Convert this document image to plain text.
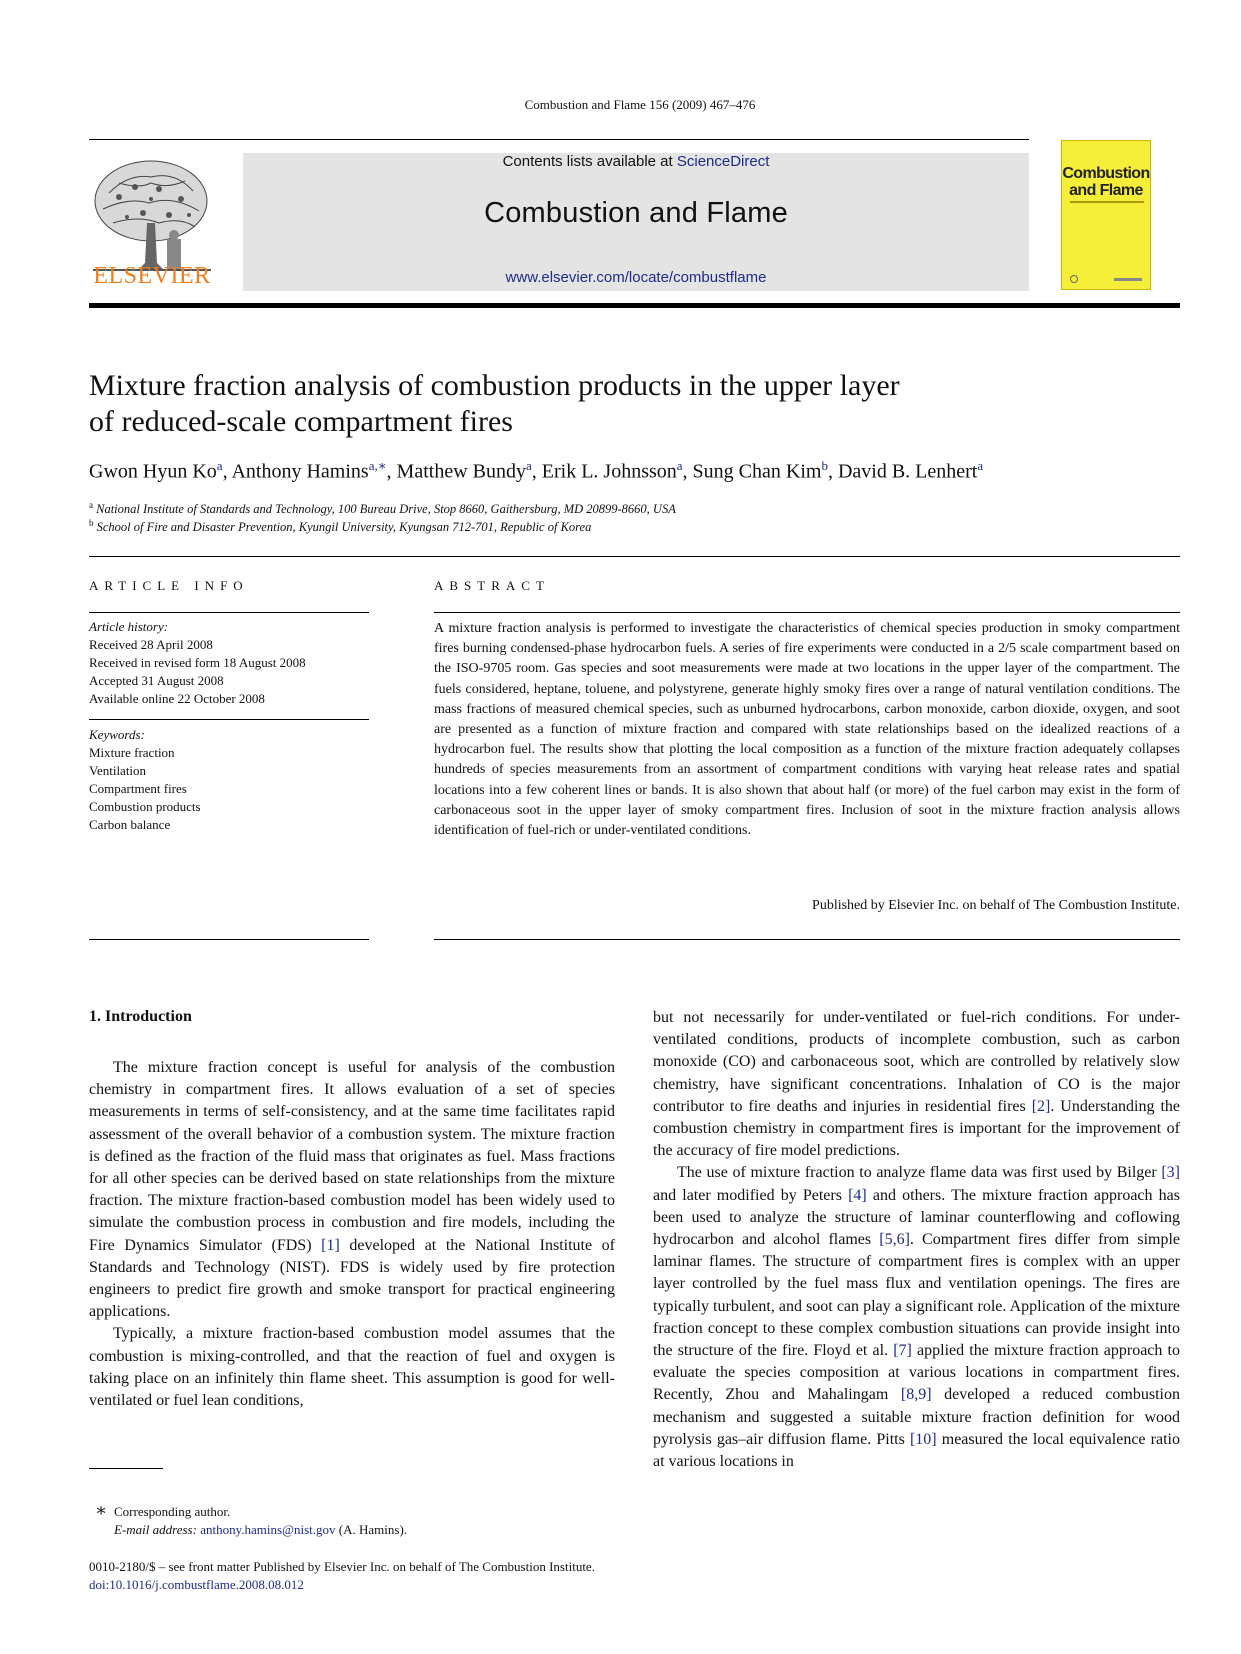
Combustion and Flame 156 (2009) 467–476
ELSEVIER
Contents lists available at ScienceDirect
Combustion and Flame
www.elsevier.com/locate/combustflame
Combustion
and Flame
Mixture fraction analysis of combustion products in the upper layer
of reduced-scale compartment fires
Gwon Hyun Ko$^a$, Anthony Hamins$^{a,∗}$, Matthew Bundy$^a$, Erik L. Johnsson$^a$, Sung Chan Kim$^b$, David B. Lenhert$^a$
$^a$ National Institute of Standards and Technology, 100 Bureau Drive, Stop 8660, Gaithersburg, MD 20899-8660, USA
$^b$ School of Fire and Disaster Prevention, Kyungil University, Kyungsan 712-701, Republic of Korea
ARTICLE INFO	ABSTRACT
Article history:
Received 28 April 2008
Received in revised form 18 August 2008
Accepted 31 August 2008
Available online 22 October 2008
Keywords:
Mixture fraction
Ventilation
Compartment fires
Combustion products
Carbon balance
A mixture fraction analysis is performed to investigate the characteristics of chemical species production in smoky compartment fires burning condensed-phase hydrocarbon fuels. A series of fire experiments were conducted in a 2/5 scale compartment based on the ISO-9705 room. Gas species and soot measurements were made at two locations in the upper layer of the compartment. The fuels considered, heptane, toluene, and polystyrene, generate highly smoky fires over a range of natural ventilation conditions. The mass fractions of measured chemical species, such as unburned hydrocarbons, carbon monoxide, carbon dioxide, oxygen, and soot are presented as a function of mixture fraction and compared with state relationships based on the idealized reactions of a hydrocarbon fuel. The results show that plotting the local composition as a function of the mixture fraction adequately collapses hundreds of species measurements from an assortment of compartment conditions with varying heat release rates and spatial locations into a few coherent lines or bands. It is also shown that about half (or more) of the fuel carbon may exist in the form of carbonaceous soot in the upper layer of smoky compartment fires. Inclusion of soot in the mixture fraction analysis allows identification of fuel-rich or under-ventilated conditions.
Published by Elsevier Inc. on behalf of The Combustion Institute.
1. Introduction

The mixture fraction concept is useful for analysis of the combustion chemistry in compartment fires. It allows evaluation of a set of species measurements in terms of self-consistency, and at the same time facilitates rapid assessment of the overall behavior of a combustion system. The mixture fraction is defined as the fraction of the fluid mass that originates as fuel. Mass fractions for all other species can be derived based on state relationships from the mixture fraction. The mixture fraction-based combustion model has been widely used to simulate the combustion process in combustion and fire models, including the Fire Dynamics Simulator (FDS) [1] developed at the National Institute of Standards and Technology (NIST). FDS is widely used by fire protection engineers to predict fire growth and smoke transport for practical engineering applications.

Typically, a mixture fraction-based combustion model assumes that the combustion is mixing-controlled, and that the reaction of fuel and oxygen is taking place on an infinitely thin flame sheet. This assumption is good for well-ventilated or fuel lean conditions,

but not necessarily for under-ventilated or fuel-rich conditions. For under-ventilated conditions, products of incomplete combustion, such as carbon monoxide (CO) and carbonaceous soot, which are controlled by relatively slow chemistry, have significant concentrations. Inhalation of CO is the major contributor to fire deaths and injuries in residential fires [2]. Understanding the combustion chemistry in compartment fires is important for the improvement of the accuracy of fire model predictions.

The use of mixture fraction to analyze flame data was first used by Bilger [3] and later modified by Peters [4] and others. The mixture fraction approach has been used to analyze the structure of laminar counterflowing and coflowing hydrocarbon and alcohol flames [5,6]. Compartment fires differ from simple laminar flames. The structure of compartment fires is complex with an upper layer controlled by the fuel mass flux and ventilation openings. The fires are typically turbulent, and soot can play a significant role. Application of the mixture fraction concept to these complex combustion situations can provide insight into the structure of the fire. Floyd et al. [7] applied the mixture fraction approach to evaluate the species composition at various locations in compartment fires. Recently, Zhou and Mahalingam [8,9] developed a reduced combustion mechanism and suggested a suitable mixture fraction definition for wood pyrolysis gas–air diffusion flame. Pitts [10] measured the local equivalence ratio at various locations in

∗ Corresponding author.
E-mail address: anthony.hamins@nist.gov (A. Hamins).
0010-2180/$ – see front matter Published by Elsevier Inc. on behalf of The Combustion Institute.
doi:10.1016/j.combustflame.2008.08.012
